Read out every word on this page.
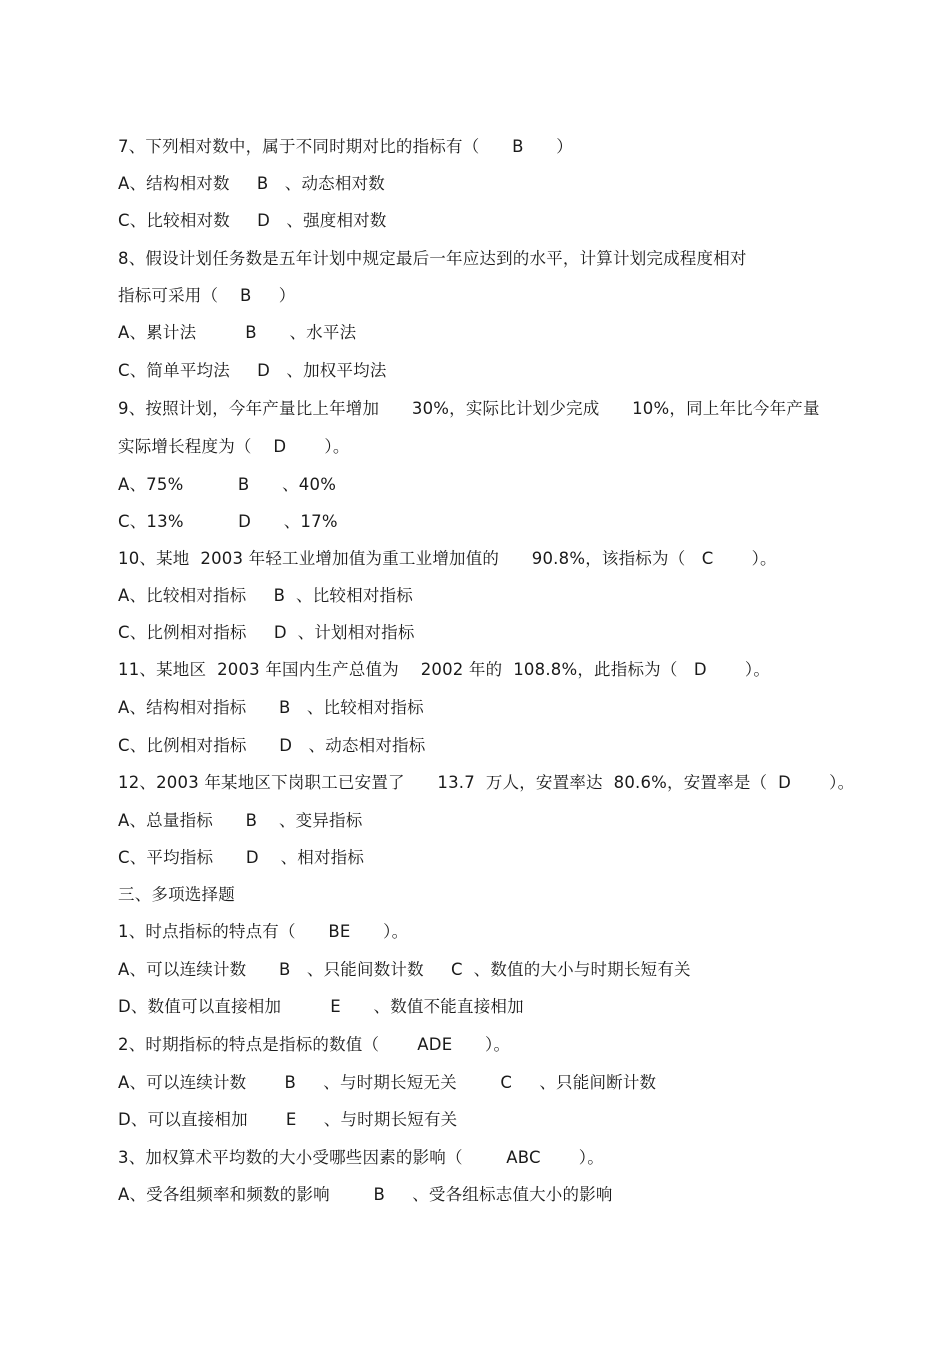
7、下列相对数中，属于不同时期对比的指标有（      B      ）
A、结构相对数     B   、动态相对数
C、比较相对数     D   、强度相对数
8、假设计划任务数是五年计划中规定最后一年应达到的水平，计算计划完成程度相对
指标可采用（    B     ）
A、累计法         B      、水平法
C、简单平均法     D   、加权平均法
9、按照计划，今年产量比上年增加      30%，实际比计划少完成      10%，同上年比今年产量
实际增长程度为（    D       ）。
A、75%          B      、40%
C、13%          D      、17%
10、某地  2003 年轻工业增加值为重工业增加值的      90.8%，该指标为（   C       ）。
A、比较相对指标     B  、比较相对指标
C、比例相对指标     D  、计划相对指标
11、某地区  2003 年国内生产总值为    2002 年的  108.8%，此指标为（   D       ）。
A、结构相对指标      B   、比较相对指标
C、比例相对指标      D   、动态相对指标
12、2003 年某地区下岗职工已安置了      13.7  万人，安置率达  80.6%，安置率是（  D       ）。
A、总量指标      B    、变异指标
C、平均指标      D    、相对指标
三、多项选择题
1、时点指标的特点有（      BE      ）。
A、可以连续计数      B   、只能间数计数     C  、数值的大小与时期长短有关
D、数值可以直接相加         E      、数值不能直接相加
2、时期指标的特点是指标的数值（       ADE      ）。
A、可以连续计数       B     、与时期长短无关        C     、只能间断计数
D、可以直接相加       E     、与时期长短有关
3、加权算术平均数的大小受哪些因素的影响（        ABC       ）。
A、受各组频率和频数的影响        B     、受各组标志值大小的影响
